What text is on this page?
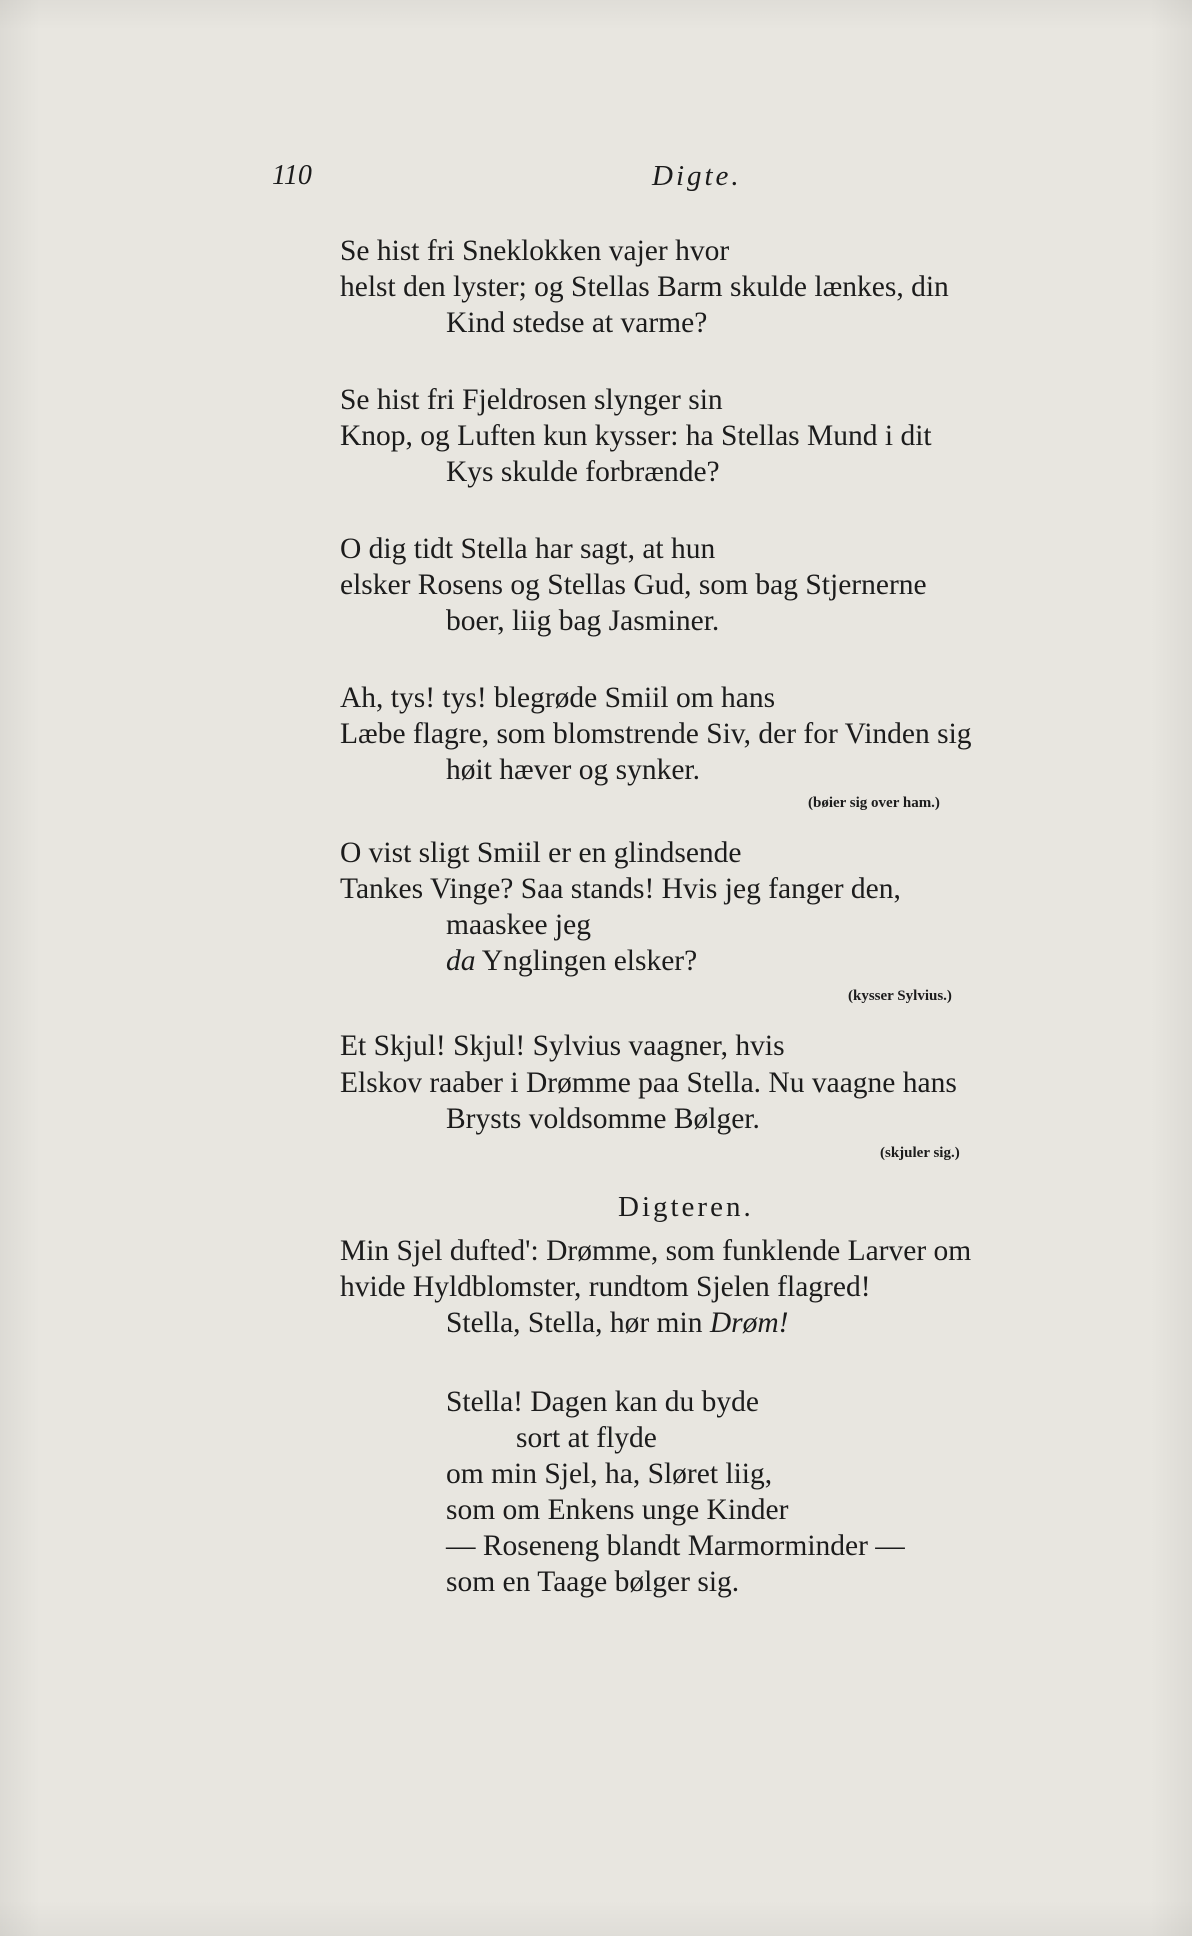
110	Digte.
Se hist fri Sneklokken vajer hvor
helst den lyster; og Stellas Barm skulde lænkes, din
Kind stedse at varme?
Se hist fri Fjeldrosen slynger sin
Knop, og Luften kun kysser: ha Stellas Mund i dit
Kys skulde forbrænde?
O dig tidt Stella har sagt, at hun
elsker Rosens og Stellas Gud, som bag Stjernerne
boer, liig bag Jasminer.
Ah, tys! tys! blegrøde Smiil om hans
Læbe flagre, som blomstrende Siv, der for Vinden sig
høit hæver og synker.
(bøier sig over ham.)
O vist sligt Smiil er en glindsende
Tankes Vinge? Saa stands! Hvis jeg fanger den,
maaskee jeg
da Ynglingen elsker?
(kysser Sylvius.)
Et Skjul! Skjul! Sylvius vaagner, hvis
Elskov raaber i Drømme paa Stella. Nu vaagne hans
Brysts voldsomme Bølger.
(skjuler sig.)
Digteren.
Min Sjel dufted': Drømme, som funklende Larver om
hvide Hyldblomster, rundtom Sjelen flagred!
Stella, Stella, hør min Drøm!
Stella! Dagen kan du byde
sort at flyde
om min Sjel, ha, Sløret liig,
som om Enkens unge Kinder
— Roseneng blandt Marmorminder —
som en Taage bølger sig.
